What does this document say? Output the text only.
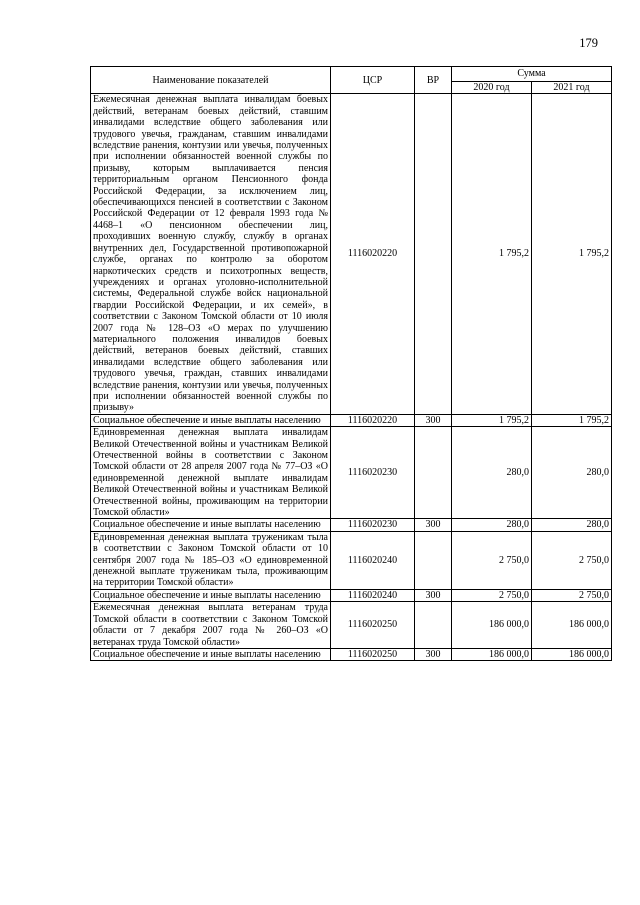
179
Наименование показателей	ЦСР	ВР	Сумма	
			2020 год	2021 год
Ежемесячная денежная выплата инвалидам боевых действий, ветеранам боевых действий, ставшим инвалидами вследствие общего заболевания или трудового увечья, гражданам, ставшим инвалидами вследствие ранения, контузии или увечья, полученных при исполнении обязанностей военной службы по призыву, которым выплачивается пенсия территориальным органом Пенсионного фонда Российской Федерации, за исключением лиц, обеспечивающихся пенсией в соответствии с Законом Российской Федерации от 12 февраля 1993 года № 4468–1 «О пенсионном обеспечении лиц, проходивших военную службу, службу в органах внутренних дел, Государственной противопожарной службе, органах по контролю за оборотом наркотических средств и психотропных веществ, учреждениях и органах уголовно-исполнительной системы, Федеральной службе войск национальной гвардии Российской Федерации, и их семей», в соответствии с Законом Томской области от 10 июля 2007 года № 128–ОЗ «О мерах по улучшению материального положения инвалидов боевых действий, ветеранов боевых действий, ставших инвалидами вследствие общего заболевания или трудового увечья, граждан, ставших инвалидами вследствие ранения, контузии или увечья, полученных при исполнении обязанностей военной службы по призыву»	1116020220		1 795,2	1 795,2
Социальное обеспечение и иные выплаты населению	1116020220	300	1 795,2	1 795,2
Единовременная денежная выплата инвалидам Великой Отечественной войны и участникам Великой Отечественной войны в соответствии с Законом Томской области от 28 апреля 2007 года № 77–ОЗ «О единовременной денежной выплате инвалидам Великой Отечественной войны и участникам Великой Отечественной войны, проживающим на территории Томской области»	1116020230		280,0	280,0
Социальное обеспечение и иные выплаты населению	1116020230	300	280,0	280,0
Единовременная денежная выплата труженикам тыла в соответствии с Законом Томской области от 10 сентября 2007 года № 185–ОЗ «О единовременной денежной выплате труженикам тыла, проживающим на территории Томской области»	1116020240		2 750,0	2 750,0
Социальное обеспечение и иные выплаты населению	1116020240	300	2 750,0	2 750,0
Ежемесячная денежная выплата ветеранам труда Томской области в соответствии с Законом Томской области от 7 декабря 2007 года № 260–ОЗ «О ветеранах труда Томской области»	1116020250		186 000,0	186 000,0
Социальное обеспечение и иные выплаты населению	1116020250	300	186 000,0	186 000,0
